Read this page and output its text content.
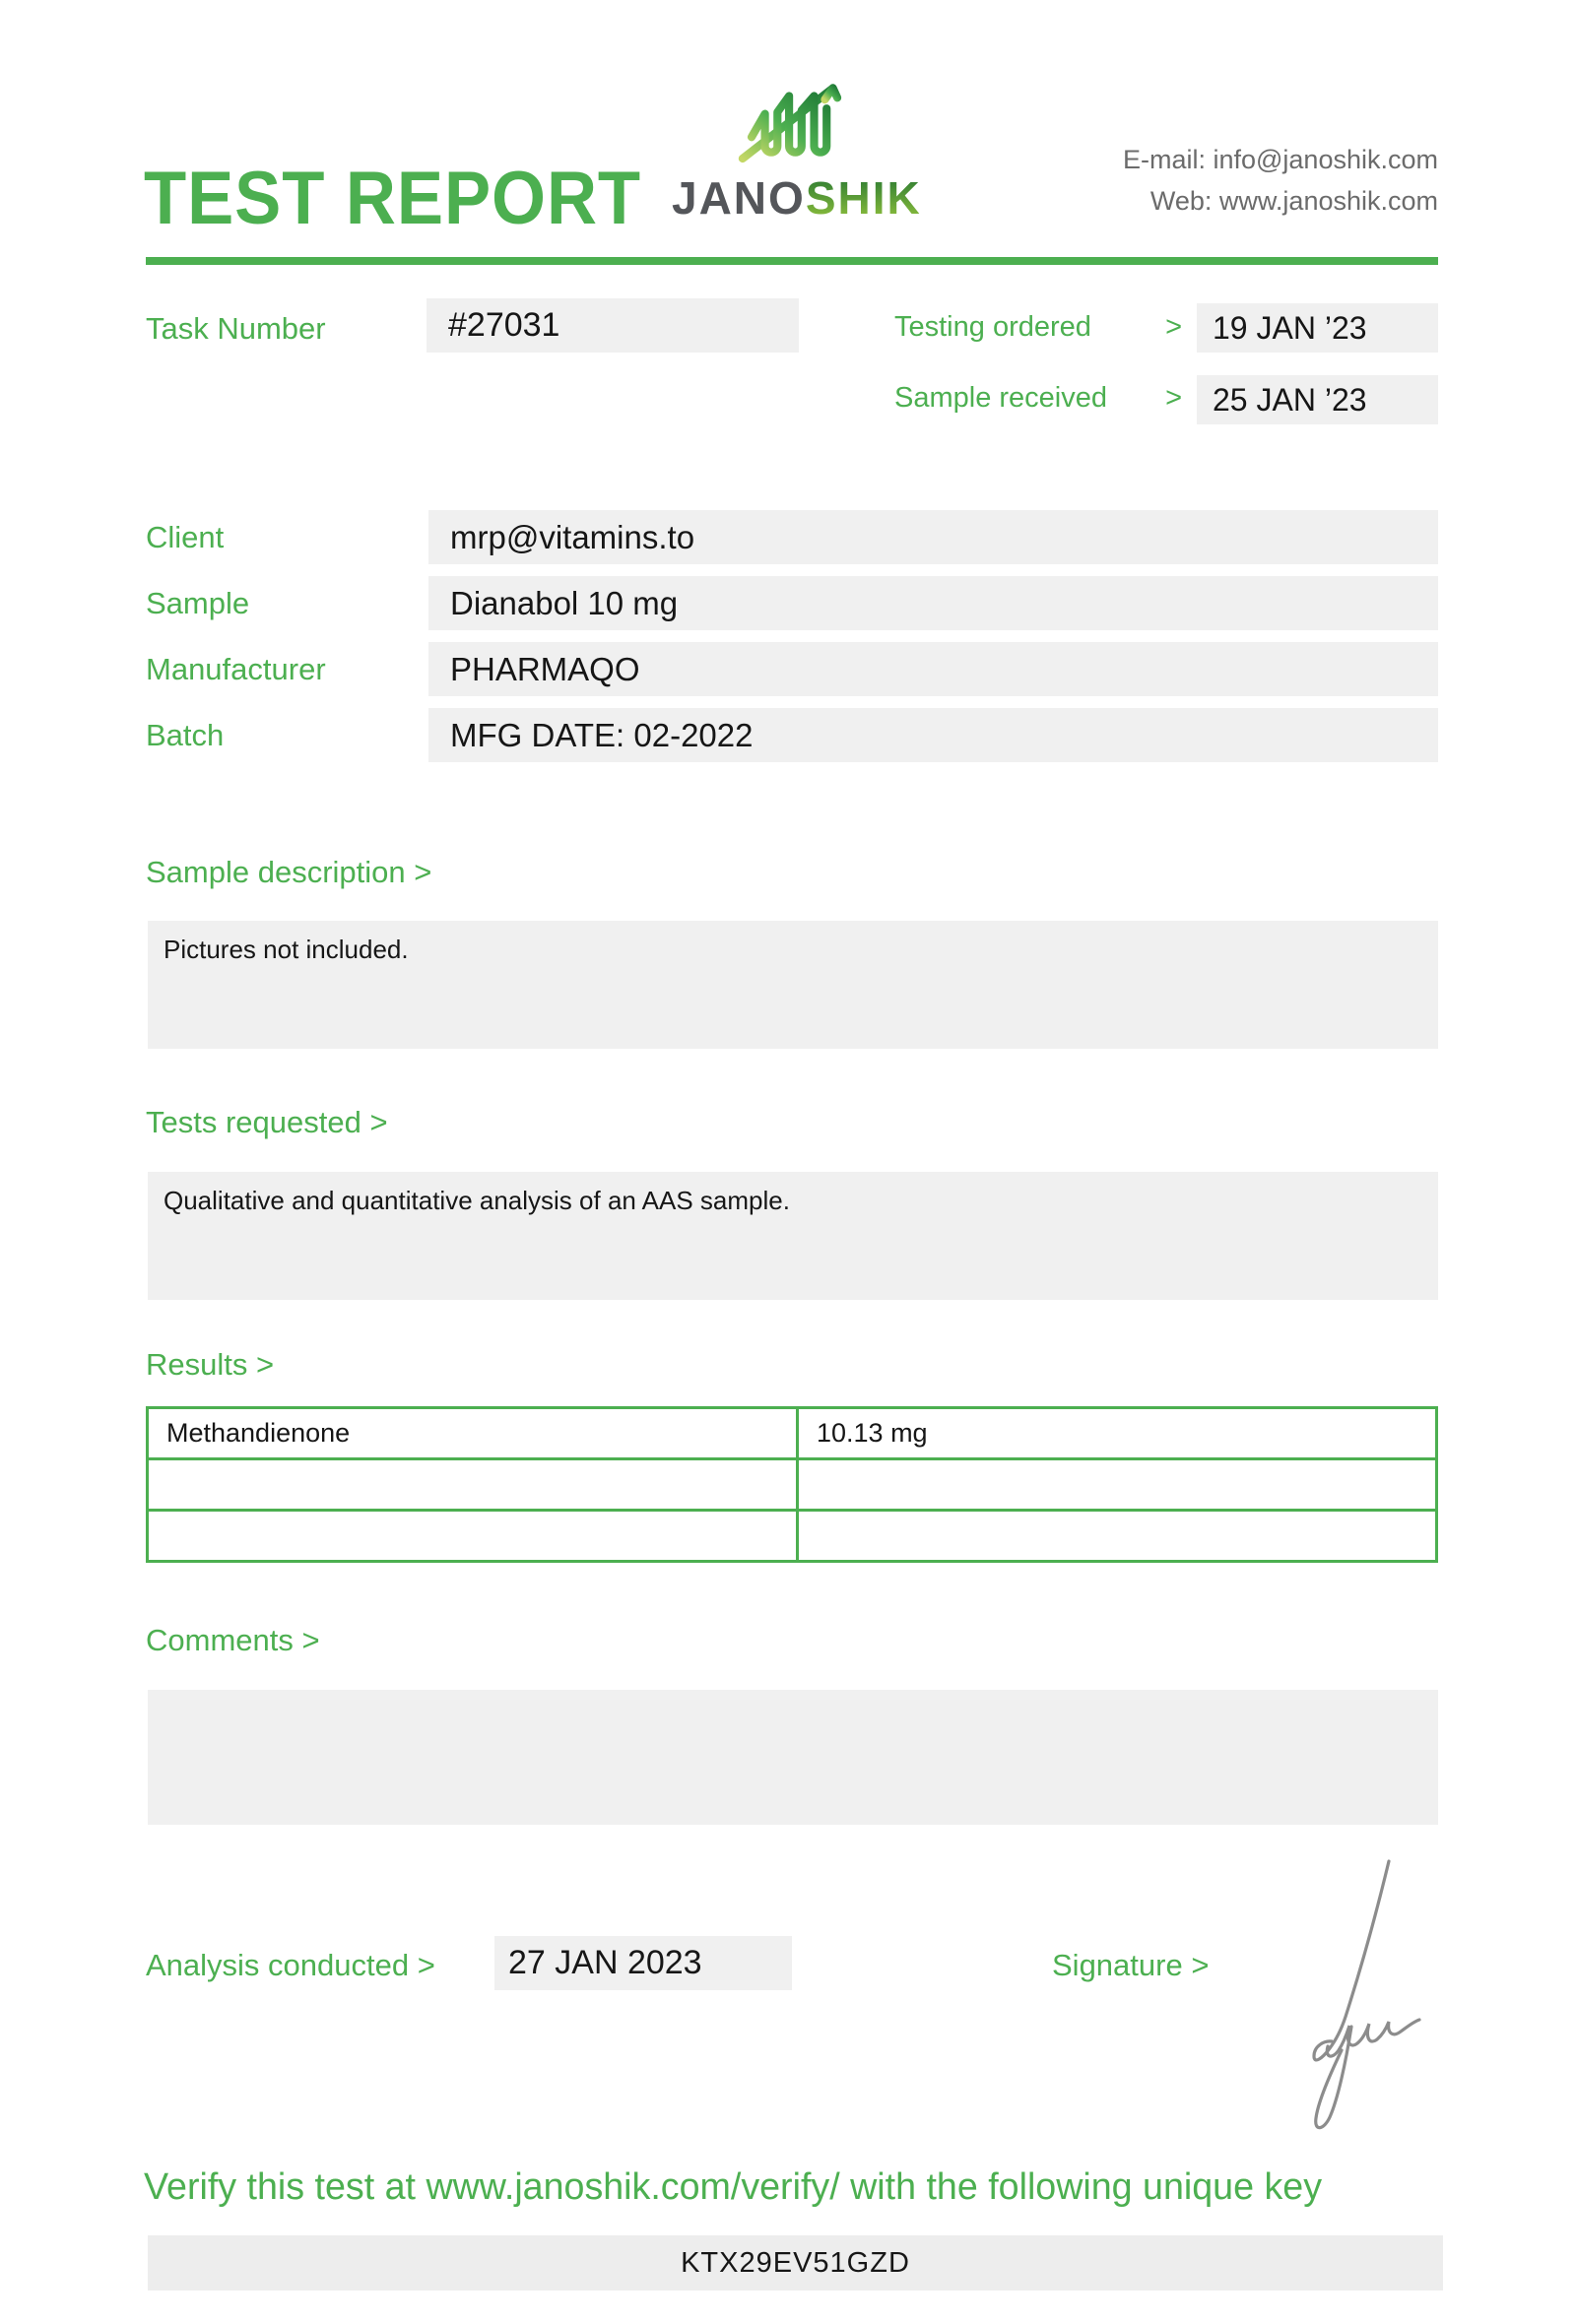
TEST REPORT JANOSHIK
E-mail: info@janoshik.com
Web: www.janoshik.com
Task Number	#27031	Testing ordered	> 19 JAN ’23
Sample received > 25 JAN ’23
Client	mrp@vitamins.to
Sample	Dianabol 10 mg
Manufacturer	PHARMAQO
Batch	MFG DATE: 02-2022
Sample description >
Pictures not included.
Tests requested >
Qualitative and quantitative analysis of an AAS sample.
Results >
Methandienone	10.13 mg

Comments >
Analysis conducted >	27 JAN 2023	Signature >
Verify this test at www.janoshik.com/verify/ with the following unique key
KTX29EV51GZD
